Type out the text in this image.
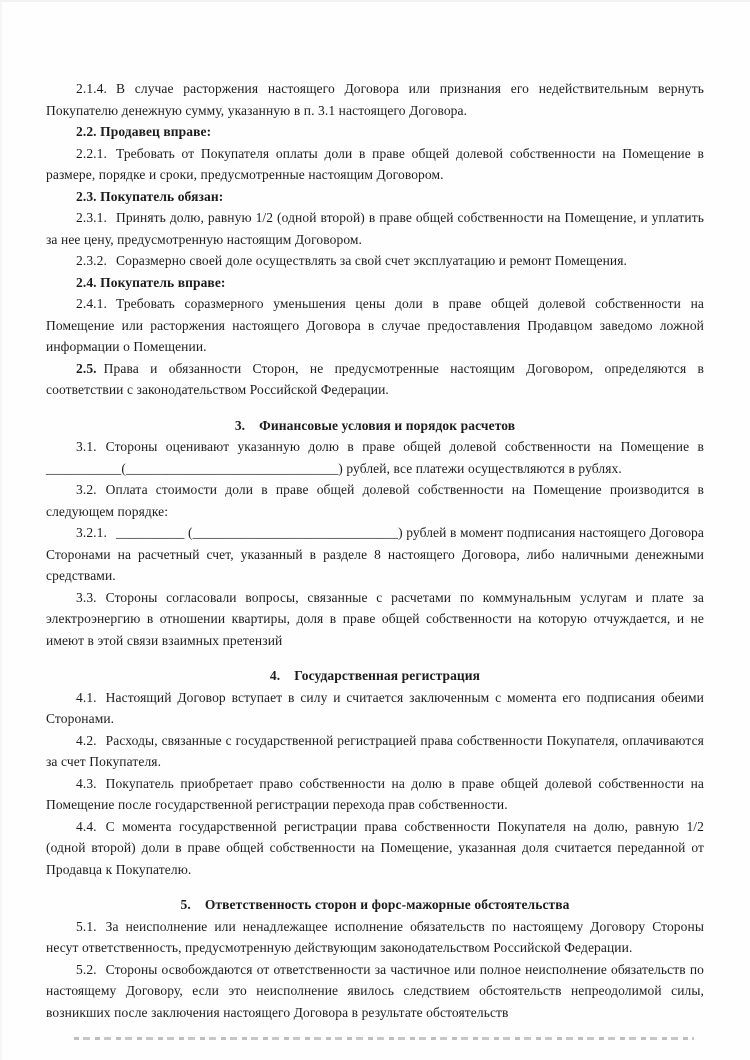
2.1.4. В случае расторжения настоящего Договора или признания его недействительным вернуть Покупателю денежную сумму, указанную в п. 3.1 настоящего Договора.

2.2. Продавец вправе:

2.2.1. Требовать от Покупателя оплаты доли в праве общей долевой собственности на Помещение в размере, порядке и сроки, предусмотренные настоящим Договором.

2.3. Покупатель обязан:

2.3.1. Принять долю, равную 1/2 (одной второй) в праве общей собственности на Помещение, и уплатить за нее цену, предусмотренную настоящим Договором.

2.3.2. Соразмерно своей доле осуществлять за свой счет эксплуатацию и ремонт Помещения.

2.4. Покупатель вправе:

2.4.1. Требовать соразмерного уменьшения цены доли в праве общей долевой собственности на Помещение или расторжения настоящего Договора в случае предоставления Продавцом заведомо ложной информации о Помещении.

2.5. Права и обязанности Сторон, не предусмотренные настоящим Договором, определяются в соответствии с законодательством Российской Федерации.

3. Финансовые условия и порядок расчетов

3.1. Стороны оценивают указанную долю в праве общей долевой собственности на Помещение в ___________(_______________________________) рублей, все платежи осуществляются в рублях.

3.2. Оплата стоимости доли в праве общей долевой собственности на Помещение производится в следующем порядке:

3.2.1. __________ (______________________________) рублей в момент подписания настоящего Договора Сторонами на расчетный счет, указанный в разделе 8 настоящего Договора, либо наличными денежными средствами.

3.3. Стороны согласовали вопросы, связанные с расчетами по коммунальным услугам и плате за электроэнергию в отношении квартиры, доля в праве общей собственности на которую отчуждается, и не имеют в этой связи взаимных претензий

4. Государственная регистрация

4.1. Настоящий Договор вступает в силу и считается заключенным с момента его подписания обеими Сторонами.

4.2. Расходы, связанные с государственной регистрацией права собственности Покупателя, оплачиваются за счет Покупателя.

4.3. Покупатель приобретает право собственности на долю в праве общей долевой собственности на Помещение после государственной регистрации перехода прав собственности.

4.4. С момента государственной регистрации права собственности Покупателя на долю, равную 1/2 (одной второй) доли в праве общей собственности на Помещение, указанная доля считается переданной от Продавца к Покупателю.

5. Ответственность сторон и форс-мажорные обстоятельства

5.1. За неисполнение или ненадлежащее исполнение обязательств по настоящему Договору Стороны несут ответственность, предусмотренную действующим законодательством Российской Федерации.

5.2. Стороны освобождаются от ответственности за частичное или полное неисполнение обязательств по настоящему Договору, если это неисполнение явилось следствием обстоятельств непреодолимой силы, возникших после заключения настоящего Договора в результате обстоятельств
